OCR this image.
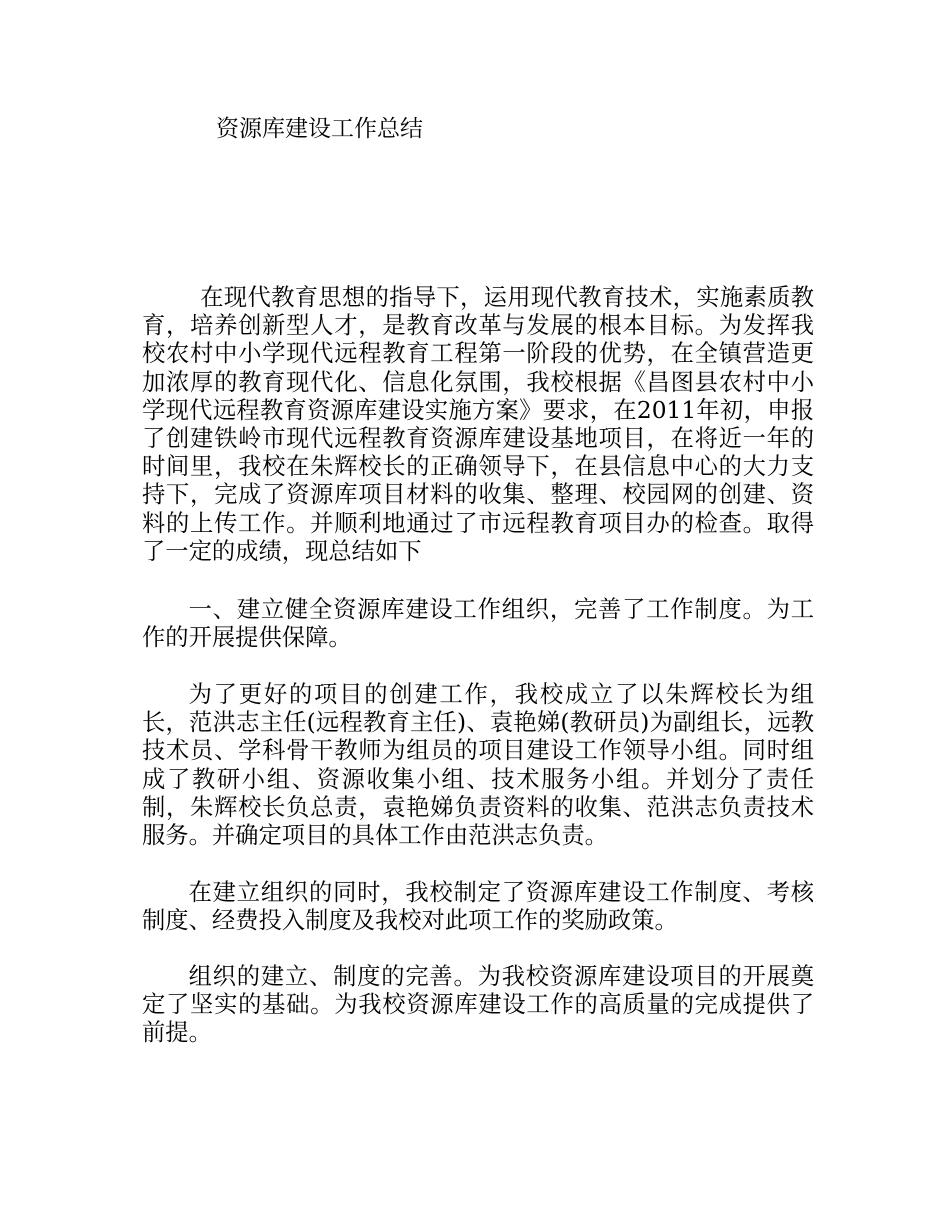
资源库建设工作总结

在现代教育思想的指导下，运用现代教育技术，实施素质教育，培养创新型人才，是教育改革与发展的根本目标。为发挥我校农村中小学现代远程教育工程第一阶段的优势，在全镇营造更加浓厚的教育现代化、信息化氛围，我校根据《昌图县农村中小学现代远程教育资源库建设实施方案》要求，在2011年初，申报了创建铁岭市现代远程教育资源库建设基地项目，在将近一年的时间里，我校在朱辉校长的正确领导下，在县信息中心的大力支持下，完成了资源库项目材料的收集、整理、校园网的创建、资料的上传工作。并顺利地通过了市远程教育项目办的检查。取得了一定的成绩，现总结如下

一、建立健全资源库建设工作组织，完善了工作制度。为工作的开展提供保障。

为了更好的项目的创建工作，我校成立了以朱辉校长为组长，范洪志主任(远程教育主任)、袁艳娣(教研员)为副组长，远教技术员、学科骨干教师为组员的项目建设工作领导小组。同时组成了教研小组、资源收集小组、技术服务小组。并划分了责任制，朱辉校长负总责，袁艳娣负责资料的收集、范洪志负责技术服务。并确定项目的具体工作由范洪志负责。

在建立组织的同时，我校制定了资源库建设工作制度、考核制度、经费投入制度及我校对此项工作的奖励政策。

组织的建立、制度的完善。为我校资源库建设项目的开展奠定了坚实的基础。为我校资源库建设工作的高质量的完成提供了前提。
